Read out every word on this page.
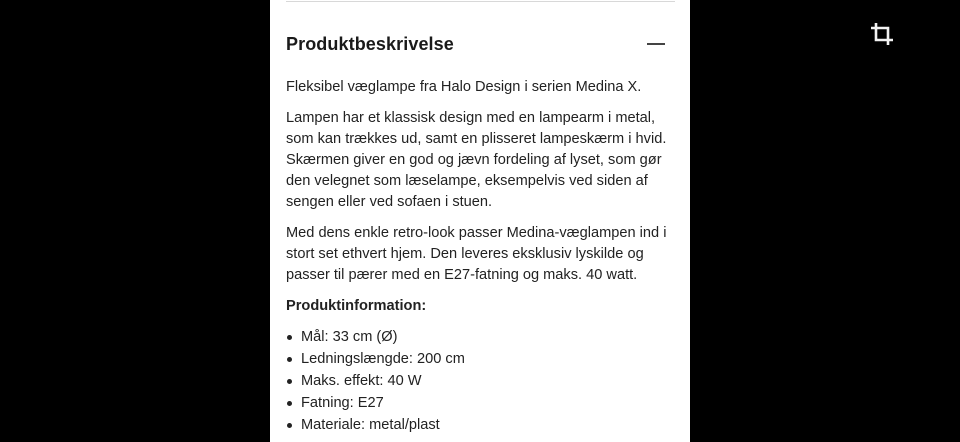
Produktbeskrivelse

Fleksibel væglampe fra Halo Design i serien Medina X.

Lampen har et klassisk design med en lampearm i metal, som kan trækkes ud, samt en plisseret lampeskærm i hvid. Skærmen giver en god og jævn fordeling af lyset, som gør den velegnet som læselampe, eksempelvis ved siden af sengen eller ved sofaen i stuen.

Med dens enkle retro-look passer Medina-væglampen ind i stort set ethvert hjem. Den leveres eksklusiv lyskilde og passer til pærer med en E27-fatning og maks. 40 watt.

Produktinformation:
Mål: 33 cm (Ø)
Ledningslængde: 200 cm
Maks. effekt: 40 W
Fatning: E27
Materiale: metal/plast
